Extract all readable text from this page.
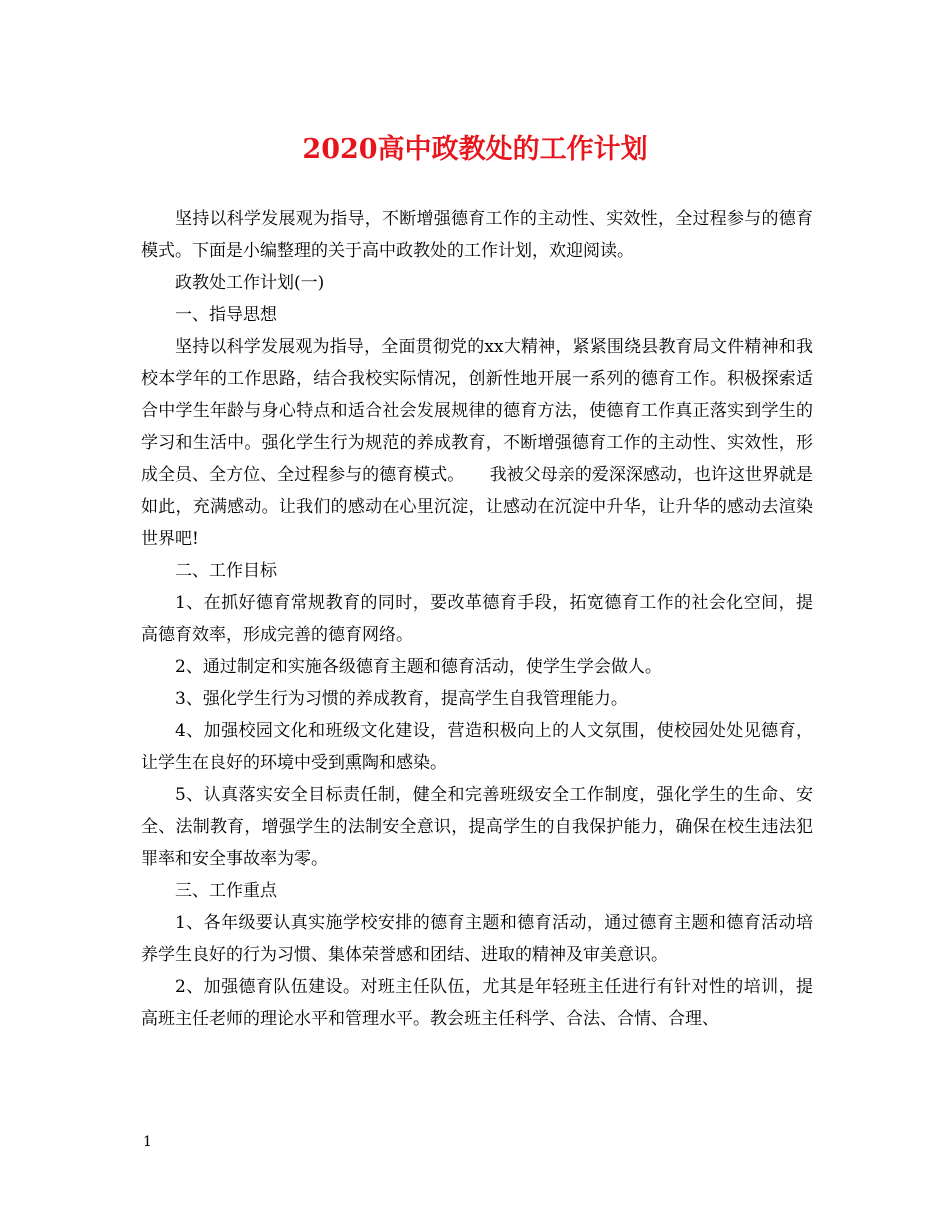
2020高中政教处的工作计划

坚持以科学发展观为指导，不断增强德育工作的主动性、实效性，全过程参与的德育模式。下面是小编整理的关于高中政教处的工作计划，欢迎阅读。

政教处工作计划(一)

一、指导思想

坚持以科学发展观为指导，全面贯彻党的xx大精神，紧紧围绕县教育局文件精神和我校本学年的工作思路，结合我校实际情况，创新性地开展一系列的德育工作。积极探索适合中学生年龄与身心特点和适合社会发展规律的德育方法，使德育工作真正落实到学生的学习和生活中。强化学生行为规范的养成教育，不断增强德育工作的主动性、实效性，形成全员、全方位、全过程参与的德育模式。　　我被父母亲的爱深深感动，也许这世界就是如此，充满感动。让我们的感动在心里沉淀，让感动在沉淀中升华，让升华的感动去渲染世界吧!

二、工作目标

1、在抓好德育常规教育的同时，要改革德育手段，拓宽德育工作的社会化空间，提高德育效率，形成完善的德育网络。

2、通过制定和实施各级德育主题和德育活动，使学生学会做人。

3、强化学生行为习惯的养成教育，提高学生自我管理能力。

4、加强校园文化和班级文化建设，营造积极向上的人文氛围，使校园处处见德育，让学生在良好的环境中受到熏陶和感染。

5、认真落实安全目标责任制，健全和完善班级安全工作制度，强化学生的生命、安全、法制教育，增强学生的法制安全意识，提高学生的自我保护能力，确保在校生违法犯罪率和安全事故率为零。

三、工作重点

1、各年级要认真实施学校安排的德育主题和德育活动，通过德育主题和德育活动培养学生良好的行为习惯、集体荣誉感和团结、进取的精神及审美意识。

2、加强德育队伍建设。对班主任队伍，尤其是年轻班主任进行有针对性的培训，提高班主任老师的理论水平和管理水平。教会班主任科学、合法、合情、合理、

1
